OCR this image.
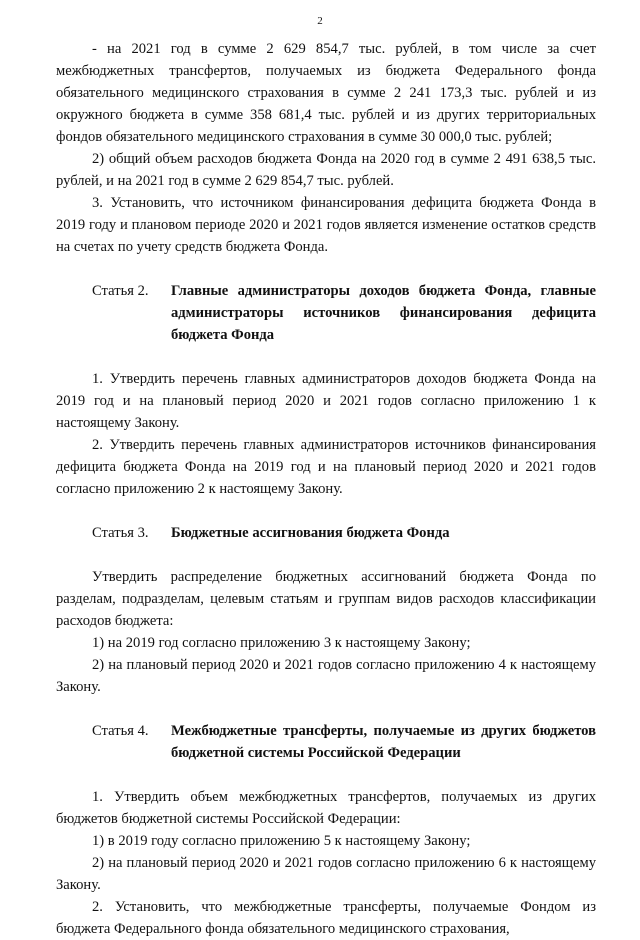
2

- на 2021 год в сумме 2 629 854,7 тыс. рублей, в том числе за счет межбюджетных трансфертов, получаемых из бюджета Федерального фонда обязательного медицинского страхования в сумме 2 241 173,3 тыс. рублей и из окружного бюджета в сумме 358 681,4 тыс. рублей и из других территориальных фондов обязательного медицинского страхования в сумме 30 000,0 тыс. рублей;

2) общий объем расходов бюджета Фонда на 2020 год в сумме 2 491 638,5 тыс. рублей, и на 2021 год в сумме 2 629 854,7 тыс. рублей.

3. Установить, что источником финансирования дефицита бюджета Фонда в 2019 году и плановом периоде 2020 и 2021 годов является изменение остатков средств на счетах по учету средств бюджета Фонда.

Статья 2.	Главные администраторы доходов бюджета Фонда, главные администраторы источников финансирования дефицита бюджета Фонда

1. Утвердить перечень главных администраторов доходов бюджета Фонда на 2019 год и на плановый период 2020 и 2021 годов согласно приложению 1 к настоящему Закону.

2. Утвердить перечень главных администраторов источников финансирования дефицита бюджета Фонда на 2019 год и на плановый период 2020 и 2021 годов согласно приложению 2 к настоящему Закону.

Статья 3.	Бюджетные ассигнования бюджета Фонда

Утвердить распределение бюджетных ассигнований бюджета Фонда по разделам, подразделам, целевым статьям и группам видов расходов классификации расходов бюджета:

1) на 2019 год согласно приложению 3 к настоящему Закону;

2) на плановый период 2020 и 2021 годов согласно приложению 4 к настоящему Закону.

Статья 4.	Межбюджетные трансферты, получаемые из других бюджетов бюджетной системы Российской Федерации

1. Утвердить объем межбюджетных трансфертов, получаемых из других бюджетов бюджетной системы Российской Федерации:

1) в 2019 году согласно приложению 5 к настоящему Закону;

2) на плановый период 2020 и 2021 годов согласно приложению 6 к настоящему Закону.

2. Установить, что межбюджетные трансферты, получаемые Фондом из бюджета Федерального фонда обязательного медицинского страхования,
